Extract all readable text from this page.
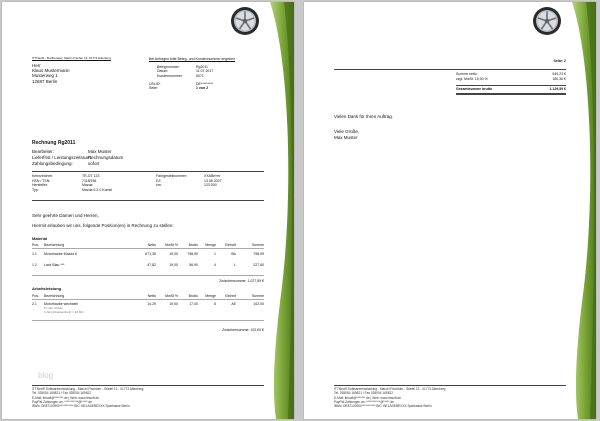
ITTNeoR - Dorfbereiter, Martin Fischer 13, 01773 Altenberg
Herr
Klaus Mustermann
Musterweg 1
12687 Berlin
Bei Anfragen bitte Beleg- und Kundennummer angeben
Belegnummer:	Rg2011
Datum:	11.07.2017
Kundennummer:	5071
USt-ID:	DE*********
Seite:	1 von 2
Rechnung Rg2011
Bearbeiter:	Max Muster
Lieferfrist / Leistungszeitraum:
Rechnungsdatum
Zahlungsbedingung:	sofort
Kennzeichen:	TR-GT 123	Fahrgestellnummer:	XXABrrrrrr
HSN / TSN:	7118/256	EZ:	13.08.2007
Hersteller:	Mazda	km:	123.000
Typ:	Mazda 6 2.0 Kombi
Sehr geehrte Damen und Herren,
Hiermit erlauben wir uns, folgende Position(en) in Rechnung zu stellen:
Material
Pos.	Bezeichnung	Netto	MwSt %	Brutto	Menge	Einheit	Summe
1.1	Motorhaube Mazda 6	671,35	19,00	798,90	1	Stk	798,99
1.2	Lack Blau ***	47,82	19,00	56,90	4	L	227,60
Zwischensumme: 1.027,59 €
Arbeitsleistung
Pos.	Bezeichnung	Netto	MwSt %	Brutto	Menge	Einheit	Summe
2.1	Motorhaube wechseln	14,29	19,00	17,00	6	AE	102,00
1h inkl. Abbau
1 AE (Arbeitseinheit) = 10 Min
Zwischensumme: 102,00 €
blog
ITTNeoR Softwareentwicklung - Marcel Fischbier - Stiefel 13 - 01773 Altenberg
Tel. 035054 169821 / Fax 035054 169822
E-Mail: itnsoft@*******.de | Web: www.itnsoft.de
PayPal-Zahlungen an: ***********@*****.de
IBAN: DE87100900*********** BIC: BELADEBEXXX Sparkasse Berlin
Seite: 2
Summe netto	949,23 €
zzgl. MwSt. 19,00 %	180,36 €
Gesamtsumme brutto	1.129,59 €
Vielen Dank für Ihren Auftrag.
Viele Grüße,
Max Muster
ITTNeoR Softwareentwicklung - Marcel Fischbier - Stiefel 13 - 01773 Altenberg
Tel. 035054 169821 / Fax 035054 169822
E-Mail: itnsoft@*******.de | Web: www.itnsoft.de
PayPal-Zahlungen an: ***********@*****.de
IBAN: DE87100900*********** BIC: BELADEBEXXX Sparkasse Berlin
